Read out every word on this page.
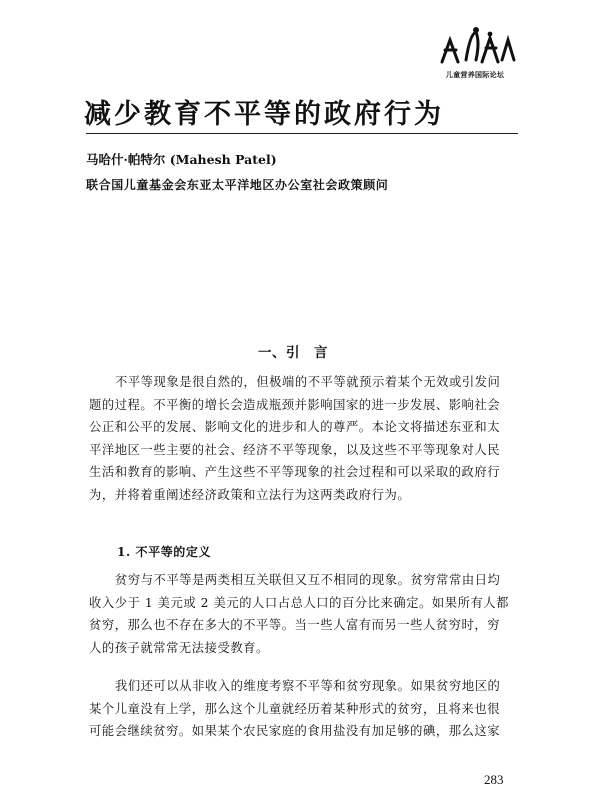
儿童营养国际论坛
减少教育不平等的政府行为
马哈什·帕特尔 (Mahesh Patel)
联合国儿童基金会东亚太平洋地区办公室社会政策顾问
一、引 言
不平等现象是很自然的，但极端的不平等就预示着某个无效或引发问
题的过程。不平衡的增长会造成瓶颈并影响国家的进一步发展、影响社会
公正和公平的发展、影响文化的进步和人的尊严。本论文将描述东亚和太
平洋地区一些主要的社会、经济不平等现象，以及这些不平等现象对人民
生活和教育的影响、产生这些不平等现象的社会过程和可以采取的政府行
为，并将着重阐述经济政策和立法行为这两类政府行为。
1. 不平等的定义
贫穷与不平等是两类相互关联但又互不相同的现象。贫穷常常由日均
收入少于 1 美元或 2 美元的人口占总人口的百分比来确定。如果所有人都
贫穷，那么也不存在多大的不平等。当一些人富有而另一些人贫穷时，穷
人的孩子就常常无法接受教育。
我们还可以从非收入的维度考察不平等和贫穷现象。如果贫穷地区的
某个儿童没有上学，那么这个儿童就经历着某种形式的贫穷，且将来也很
可能会继续贫穷。如果某个农民家庭的食用盐没有加足够的碘，那么这家
283
